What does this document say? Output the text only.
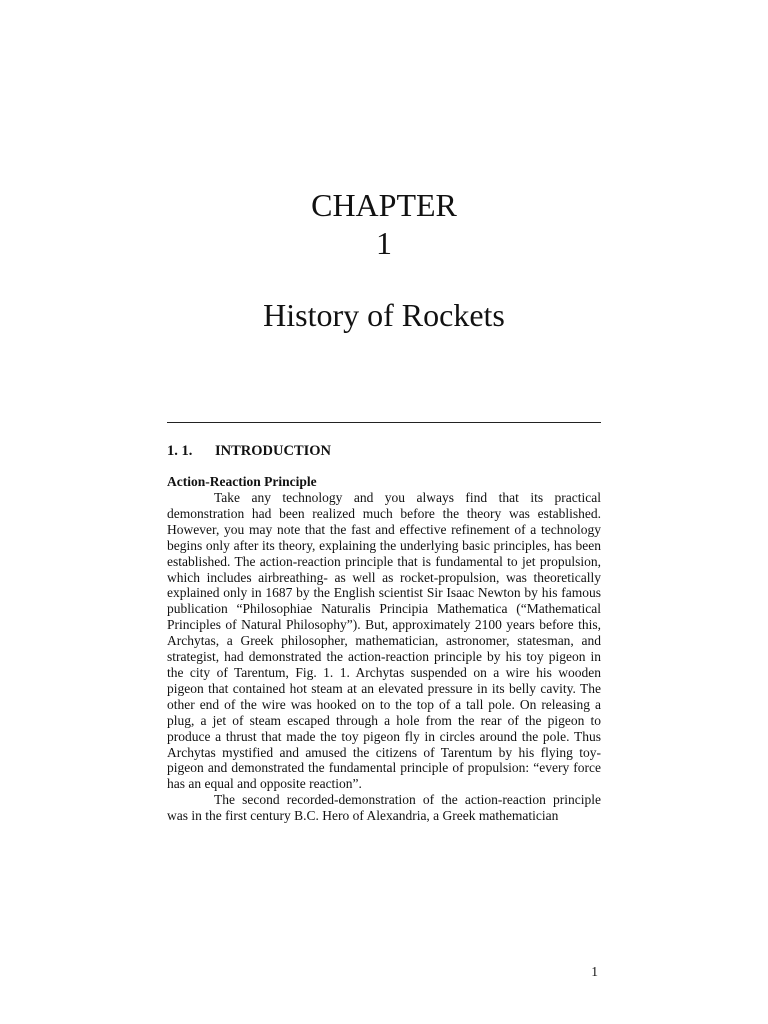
CHAPTER
1
History of Rockets
1. 1. INTRODUCTION
Action-Reaction Principle

Take any technology and you always find that its practical demonstration had been realized much before the theory was established. However, you may note that the fast and effective refinement of a technology begins only after its theory, explaining the underlying basic principles, has been established. The action-reaction principle that is fundamental to jet propulsion, which includes airbreathing- as well as rocket-propulsion, was theoretically explained only in 1687 by the English scientist Sir Isaac Newton by his famous publication “Philosophiae Naturalis Principia Mathematica (“Mathematical Principles of Natural Philosophy”). But, approximately 2100 years before this, Archytas, a Greek philosopher, mathematician, astronomer, statesman, and strategist, had demonstrated the action-reaction principle by his toy pigeon in the city of Tarentum, Fig. 1. 1. Archytas suspended on a wire his wooden pigeon that contained hot steam at an elevated pressure in its belly cavity. The other end of the wire was hooked on to the top of a tall pole. On releasing a plug, a jet of steam escaped through a hole from the rear of the pigeon to produce a thrust that made the toy pigeon fly in circles around the pole. Thus Archytas mystified and amused the citizens of Tarentum by his flying toy-pigeon and demonstrated the fundamental principle of propulsion: “every force has an equal and opposite reaction”.

The second recorded-demonstration of the action-reaction principle was in the first century B.C. Hero of Alexandria, a Greek mathematician

1
